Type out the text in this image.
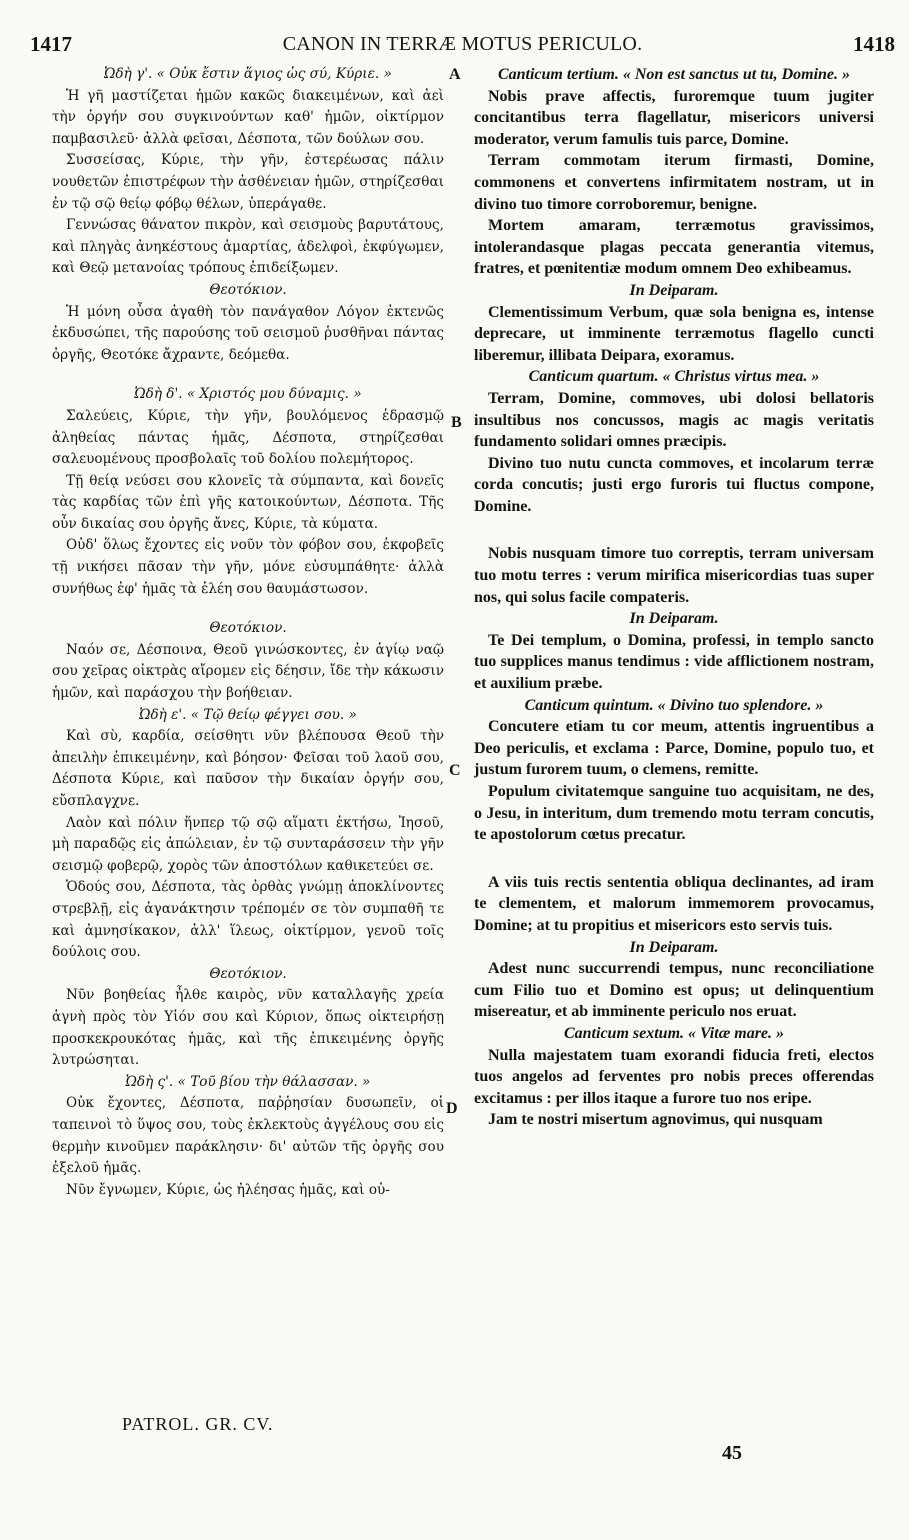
1417	CANON IN TERRÆ MOTUS PERICULO.	1418

Ὠδὴ γ'. « Οὐκ ἔστιν ἅγιος ὡς σύ, Κύριε. »

Ἡ γῆ μαστίζεται ἡμῶν κακῶς διακειμένων, καὶ ἀεὶ τὴν ὀργήν σου συγκινούντων καθ' ἡμῶν, οἰκτίρμον παμβασιλεῦ· ἀλλὰ φεῖσαι, Δέσποτα, τῶν δούλων σου.

Συσσείσας, Κύριε, τὴν γῆν, ἐστερέωσας πάλιν νουθετῶν ἐπιστρέφων τὴν ἀσθένειαν ἡμῶν, στηρίζεσθαι ἐν τῷ σῷ θείῳ φόβῳ θέλων, ὑπεράγαθε.

Γεννώσας θάνατον πικρὸν, καὶ σεισμοὺς βαρυτάτους, καὶ πληγὰς ἀνηκέστους ἁμαρτίας, ἀδελφοὶ, ἐκφύγωμεν, καὶ Θεῷ μετανοίας τρόπους ἐπιδείξωμεν.

Θεοτόκιον.

Ἡ μόνη οὖσα ἀγαθὴ τὸν πανάγαθον Λόγον ἐκτενῶς ἐκδυσώπει, τῆς παρούσης τοῦ σεισμοῦ ῥυσθῆναι πάντας ὀργῆς, Θεοτόκε ἄχραντε, δεόμεθα.

Ὠδὴ δ'. « Χριστός μου δύναμις. »

Σαλεύεις, Κύριε, τὴν γῆν, βουλόμενος ἑδρασμῷ ἀληθείας πάντας ἡμᾶς, Δέσποτα, στηρίζεσθαι σαλευομένους προσβολαῖς τοῦ δολίου πολεμήτορος.

Τῇ θείᾳ νεύσει σου κλονεῖς τὰ σύμπαντα, καὶ δονεῖς τὰς καρδίας τῶν ἐπὶ γῆς κατοικούντων, Δέσποτα. Τῆς οὖν δικαίας σου ὀργῆς ἄνες, Κύριε, τὰ κύματα.

Οὐδ' ὅλως ἔχοντες εἰς νοῦν τὸν φόβον σου, ἐκφοβεῖς τῇ νικήσει πᾶσαν τὴν γῆν, μόνε εὐσυμπάθητε· ἀλλὰ συνήθως ἐφ' ἡμᾶς τὰ ἐλέη σου θαυμάστωσον.

Θεοτόκιον.

Ναόν σε, Δέσποινα, Θεοῦ γινώσκοντες, ἐν ἁγίῳ ναῷ σου χεῖρας οἰκτρὰς αἴρομεν εἰς δέησιν, ἴδε τὴν κάκωσιν ἡμῶν, καὶ παράσχου τὴν βοήθειαν.

Ὠδὴ ε'. « Τῷ θείῳ φέγγει σου. »

Καὶ σὺ, καρδία, σείσθητι νῦν βλέπουσα Θεοῦ τὴν ἀπειλὴν ἐπικειμένην, καὶ βόησον· Φεῖσαι τοῦ λαοῦ σου, Δέσποτα Κύριε, καὶ παῦσον τὴν δικαίαν ὀργήν σου, εὔσπλαγχνε.

Λαὸν καὶ πόλιν ἥνπερ τῷ σῷ αἵματι ἐκτήσω, Ἰησοῦ, μὴ παραδῷς εἰς ἀπώλειαν, ἐν τῷ συνταράσσειν τὴν γῆν σεισμῷ φοβερῷ, χορὸς τῶν ἀποστόλων καθικετεύει σε.

Ὁδούς σου, Δέσποτα, τὰς ὀρθὰς γνώμῃ ἀποκλίνοντες στρεβλῇ, εἰς ἀγανάκτησιν τρέπομέν σε τὸν συμπαθῆ τε καὶ ἀμνησίκακον, ἀλλ' ἵλεως, οἰκτίρμον, γενοῦ τοῖς δούλοις σου.

Θεοτόκιον.

Νῦν βοηθείας ἦλθε καιρὸς, νῦν καταλλαγῆς χρεία ἁγνὴ πρὸς τὸν Υἱόν σου καὶ Κύριον, ὅπως οἰκτειρήσῃ προσκεκρουκότας ἡμᾶς, καὶ τῆς ἐπικειμένης ὀργῆς λυτρώσηται.

Ὠδὴ ς'. « Τοῦ βίου τὴν θάλασσαν. »

Οὐκ ἔχοντες, Δέσποτα, παῤῥησίαν δυσωπεῖν, οἱ ταπεινοὶ τὸ ὕψος σου, τοὺς ἐκλεκτοὺς ἀγγέλους σου εἰς θερμὴν κινοῦμεν παράκλησιν· δι' αὐτῶν τῆς ὀργῆς σου ἐξελοῦ ἡμᾶς.

Νῦν ἔγνωμεν, Κύριε, ὡς ἠλέησας ἡμᾶς, καὶ οὐ-

Canticum tertium. « Non est sanctus ut tu, Domine. »

Nobis prave affectis, furoremque tuum jugiter concitantibus terra flagellatur, misericors universi moderator, verum famulis tuis parce, Domine.

Terram commotam iterum firmasti, Domine, commonens et convertens infirmitatem nostram, ut in divino tuo timore corroboremur, benigne.

Mortem amaram, terræmotus gravissimos, intolerandasque plagas peccata generantia vitemus, fratres, et pœnitentiæ modum omnem Deo exhibeamus.

In Deiparam.

Clementissimum Verbum, quæ sola benigna es, intense deprecare, ut imminente terræmotus flagello cuncti liberemur, illibata Deipara, exoramus.

Canticum quartum. « Christus virtus mea. »

Terram, Domine, commoves, ubi dolosi bellatoris insultibus nos concussos, magis ac magis veritatis fundamento solidari omnes præcipis.

Divino tuo nutu cuncta commoves, et incolarum terræ corda concutis; justi ergo furoris tui fluctus compone, Domine.

Nobis nusquam timore tuo correptis, terram universam tuo motu terres : verum mirifica misericordias tuas super nos, qui solus facile compateris.

In Deiparam.

Te Dei templum, o Domina, professi, in templo sancto tuo supplices manus tendimus : vide afflictionem nostram, et auxilium præbe.

Canticum quintum. « Divino tuo splendore. »

Concutere etiam tu cor meum, attentis ingruentibus a Deo periculis, et exclama : Parce, Domine, populo tuo, et justum furorem tuum, o clemens, remitte.

Populum civitatemque sanguine tuo acquisitam, ne des, o Jesu, in interitum, dum tremendo motu terram concutis, te apostolorum cœtus precatur.

A viis tuis rectis sententia obliqua declinantes, ad iram te clementem, et malorum immemorem provocamus, Domine; at tu propitius et misericors esto servis tuis.

In Deiparam.

Adest nunc succurrendi tempus, nunc reconciliatione cum Filio tuo et Domino est opus; ut delinquentium misereatur, et ab imminente periculo nos eruat.

Canticum sextum. « Vitæ mare. »

Nulla majestatem tuam exorandi fiducia freti, electos tuos angelos ad ferventes pro nobis preces offerendas excitamus : per illos itaque a furore tuo nos eripe.

Jam te nostri misertum agnovimus, qui nusquam

A
B
C
D
PATROL. GR. CV.
45
